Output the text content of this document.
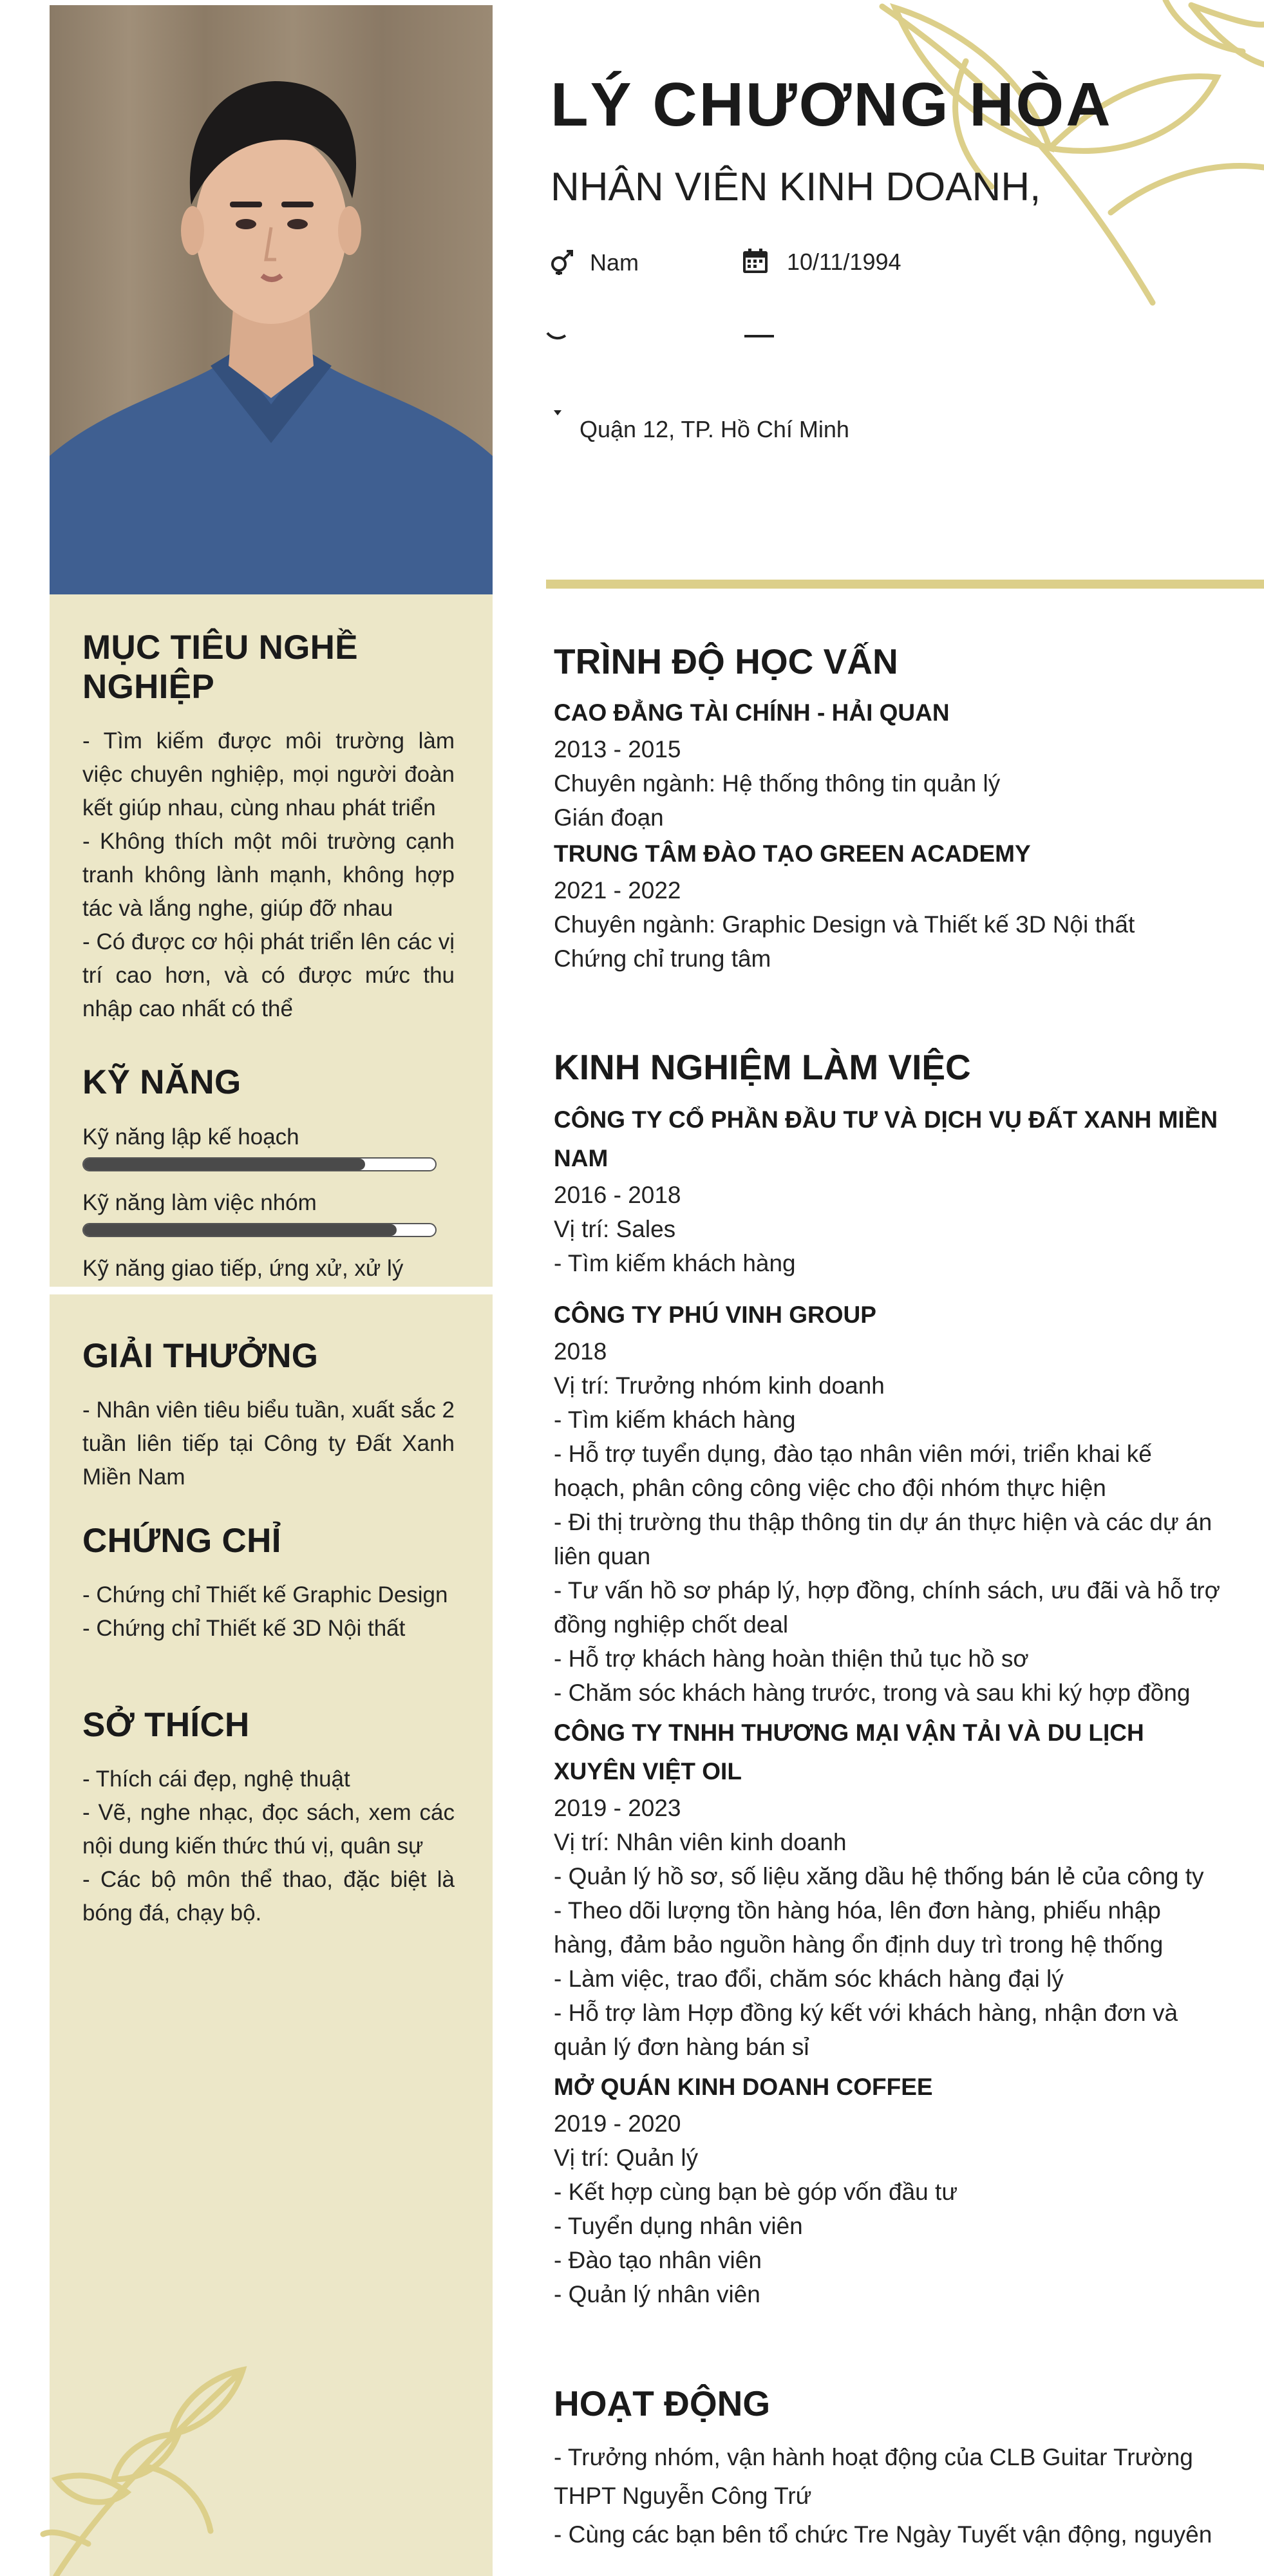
MỤC TIÊU NGHỀ NGHIỆP

- Tìm kiếm được môi trường làm việc chuyên nghiệp, mọi người đoàn kết giúp nhau, cùng nhau phát triển

- Không thích một môi trường cạnh tranh không lành mạnh, không hợp tác và lắng nghe, giúp đỡ nhau

- Có được cơ hội phát triển lên các vị trí cao hơn, và có được mức thu nhập cao nhất có thể

KỸ NĂNG
Kỹ năng lập kế hoạch
Kỹ năng làm việc nhóm
Kỹ năng giao tiếp, ứng xử, xử lý
GIẢI THƯỞNG

- Nhân viên tiêu biểu tuần, xuất sắc 2 tuần liên tiếp tại Công ty Đất Xanh Miền Nam

CHỨNG CHỈ

- Chứng chỉ Thiết kế Graphic Design

- Chứng chỉ Thiết kế 3D Nội thất

SỞ THÍCH

- Thích cái đẹp, nghệ thuật

- Vẽ, nghe nhạc, đọc sách, xem các nội dung kiến thức thú vị, quân sự

- Các bộ môn thể thao, đặc biệt là bóng đá, chạy bộ.

LÝ CHƯƠNG HÒA
NHÂN VIÊN KINH DOANH,
Nam	10/11/1994
Quận 12, TP. Hồ Chí Minh
TRÌNH ĐỘ HỌC VẤN
CAO ĐẲNG TÀI CHÍNH - HẢI QUAN
2013 - 2015
Chuyên ngành: Hệ thống thông tin quản lý
Gián đoạn
TRUNG TÂM ĐÀO TẠO GREEN ACADEMY
2021 - 2022
Chuyên ngành: Graphic Design và Thiết kế 3D Nội thất
Chứng chỉ trung tâm
KINH NGHIỆM LÀM VIỆC
CÔNG TY CỔ PHẦN ĐẦU TƯ VÀ DỊCH VỤ ĐẤT XANH MIỀN NAM
2016 - 2018
Vị trí: Sales
- Tìm kiếm khách hàng
CÔNG TY PHÚ VINH GROUP
2018
Vị trí: Trưởng nhóm kinh doanh
- Tìm kiếm khách hàng
- Hỗ trợ tuyển dụng, đào tạo nhân viên mới, triển khai kế hoạch, phân công công việc cho đội nhóm thực hiện
- Đi thị trường thu thập thông tin dự án thực hiện và các dự án liên quan
- Tư vấn hồ sơ pháp lý, hợp đồng, chính sách, ưu đãi và hỗ trợ đồng nghiệp chốt deal
- Hỗ trợ khách hàng hoàn thiện thủ tục hồ sơ
- Chăm sóc khách hàng trước, trong và sau khi ký hợp đồng
CÔNG TY TNHH THƯƠNG MẠI VẬN TẢI VÀ DU LỊCH XUYÊN VIỆT OIL
2019 - 2023
Vị trí: Nhân viên kinh doanh
- Quản lý hồ sơ, số liệu xăng dầu hệ thống bán lẻ của công ty
- Theo dõi lượng tồn hàng hóa, lên đơn hàng, phiếu nhập hàng, đảm bảo nguồn hàng ổn định duy trì trong hệ thống
- Làm việc, trao đổi, chăm sóc khách hàng đại lý
- Hỗ trợ làm Hợp đồng ký kết với khách hàng, nhận đơn và quản lý đơn hàng bán sỉ
MỞ QUÁN KINH DOANH COFFEE
2019 - 2020
Vị trí: Quản lý
- Kết hợp cùng bạn bè góp vốn đầu tư
- Tuyển dụng nhân viên
- Đào tạo nhân viên
- Quản lý nhân viên
HOẠT ĐỘNG
- Trưởng nhóm, vận hành hoạt động của CLB Guitar Trường THPT Nguyễn Công Trứ
- Cùng các bạn bên tổ chức Tre Ngày Tuyết vận động, nguyên
